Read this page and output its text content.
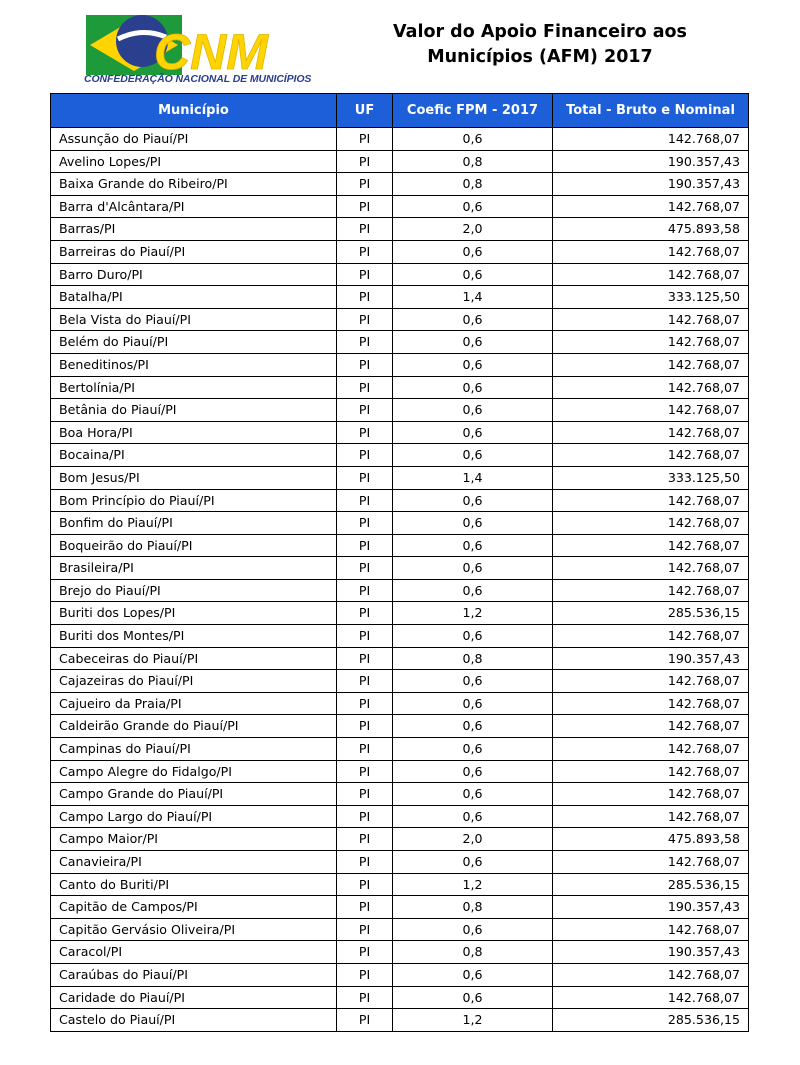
CNM
CONFEDERAÇÃO NACIONAL DE MUNICÍPIOS
Valor do Apoio Financeiro aos
Municípios (AFM) 2017
Município	UF	Coefic FPM - 2017	Total - Bruto e Nominal
Assunção do Piauí/PI	PI	0,6	142.768,07
Avelino Lopes/PI	PI	0,8	190.357,43
Baixa Grande do Ribeiro/PI	PI	0,8	190.357,43
Barra d'Alcântara/PI	PI	0,6	142.768,07
Barras/PI	PI	2,0	475.893,58
Barreiras do Piauí/PI	PI	0,6	142.768,07
Barro Duro/PI	PI	0,6	142.768,07
Batalha/PI	PI	1,4	333.125,50
Bela Vista do Piauí/PI	PI	0,6	142.768,07
Belém do Piauí/PI	PI	0,6	142.768,07
Beneditinos/PI	PI	0,6	142.768,07
Bertolínia/PI	PI	0,6	142.768,07
Betânia do Piauí/PI	PI	0,6	142.768,07
Boa Hora/PI	PI	0,6	142.768,07
Bocaina/PI	PI	0,6	142.768,07
Bom Jesus/PI	PI	1,4	333.125,50
Bom Princípio do Piauí/PI	PI	0,6	142.768,07
Bonfim do Piauí/PI	PI	0,6	142.768,07
Boqueirão do Piauí/PI	PI	0,6	142.768,07
Brasileira/PI	PI	0,6	142.768,07
Brejo do Piauí/PI	PI	0,6	142.768,07
Buriti dos Lopes/PI	PI	1,2	285.536,15
Buriti dos Montes/PI	PI	0,6	142.768,07
Cabeceiras do Piauí/PI	PI	0,8	190.357,43
Cajazeiras do Piauí/PI	PI	0,6	142.768,07
Cajueiro da Praia/PI	PI	0,6	142.768,07
Caldeirão Grande do Piauí/PI	PI	0,6	142.768,07
Campinas do Piauí/PI	PI	0,6	142.768,07
Campo Alegre do Fidalgo/PI	PI	0,6	142.768,07
Campo Grande do Piauí/PI	PI	0,6	142.768,07
Campo Largo do Piauí/PI	PI	0,6	142.768,07
Campo Maior/PI	PI	2,0	475.893,58
Canavieira/PI	PI	0,6	142.768,07
Canto do Buriti/PI	PI	1,2	285.536,15
Capitão de Campos/PI	PI	0,8	190.357,43
Capitão Gervásio Oliveira/PI	PI	0,6	142.768,07
Caracol/PI	PI	0,8	190.357,43
Caraúbas do Piauí/PI	PI	0,6	142.768,07
Caridade do Piauí/PI	PI	0,6	142.768,07
Castelo do Piauí/PI	PI	1,2	285.536,15
